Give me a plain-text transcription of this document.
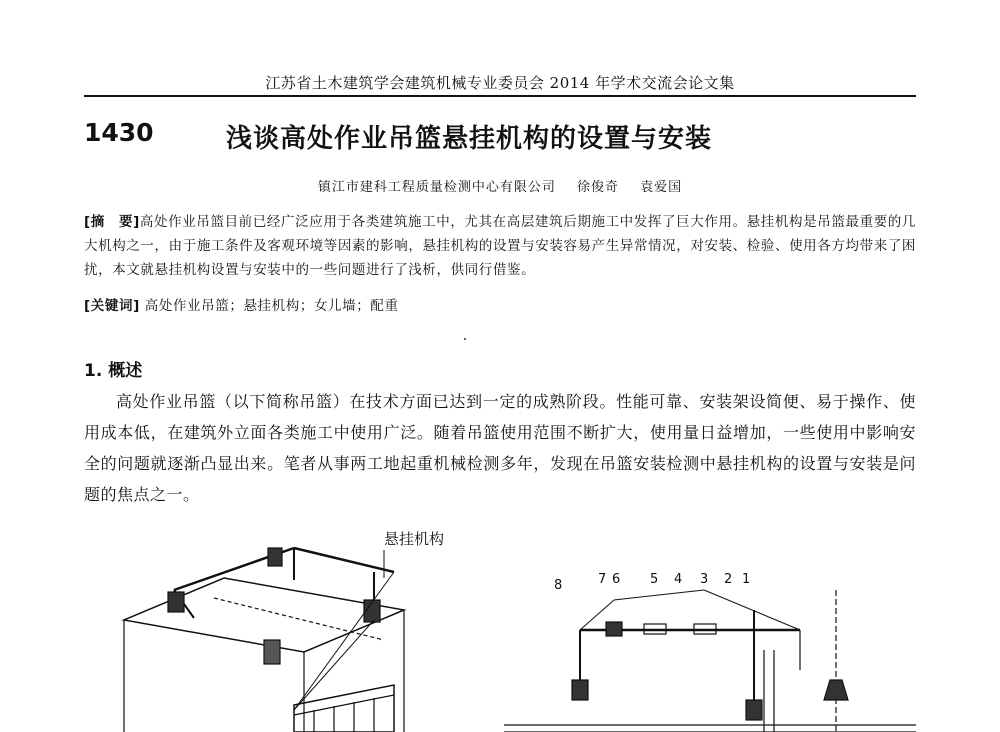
江苏省土木建筑学会建筑机械专业委员会 2014 年学术交流会论文集
1430	浅谈高处作业吊篮悬挂机构的设置与安装
镇江市建科工程质量检测中心有限公司 徐俊奇 袁爱国

[摘　要]高处作业吊篮目前已经广泛应用于各类建筑施工中，尤其在高层建筑后期施工中发挥了巨大作用。悬挂机构是吊篮最重要的几大机构之一，由于施工条件及客观环境等因素的影响，悬挂机构的设置与安装容易产生异常情况，对安装、检验、使用各方均带来了困扰，本文就悬挂机构设置与安装中的一些问题进行了浅析，供同行借鉴。

[关键词] 高处作业吊篮；悬挂机构；女儿墙；配重
1. 概述

高处作业吊篮（以下简称吊篮）在技术方面已达到一定的成熟阶段。性能可靠、安装架设简便、易于操作、使用成本低，在建筑外立面各类施工中使用广泛。随着吊篮使用范围不断扩大，使用量日益增加，一些使用中影响安全的问题就逐渐凸显出来。笔者从事两工地起重机械检测多年，发现在吊篮安装检测中悬挂机构的设置与安装是问题的焦点之一。

悬挂机构
8	7 6 5 4 3 2 1
